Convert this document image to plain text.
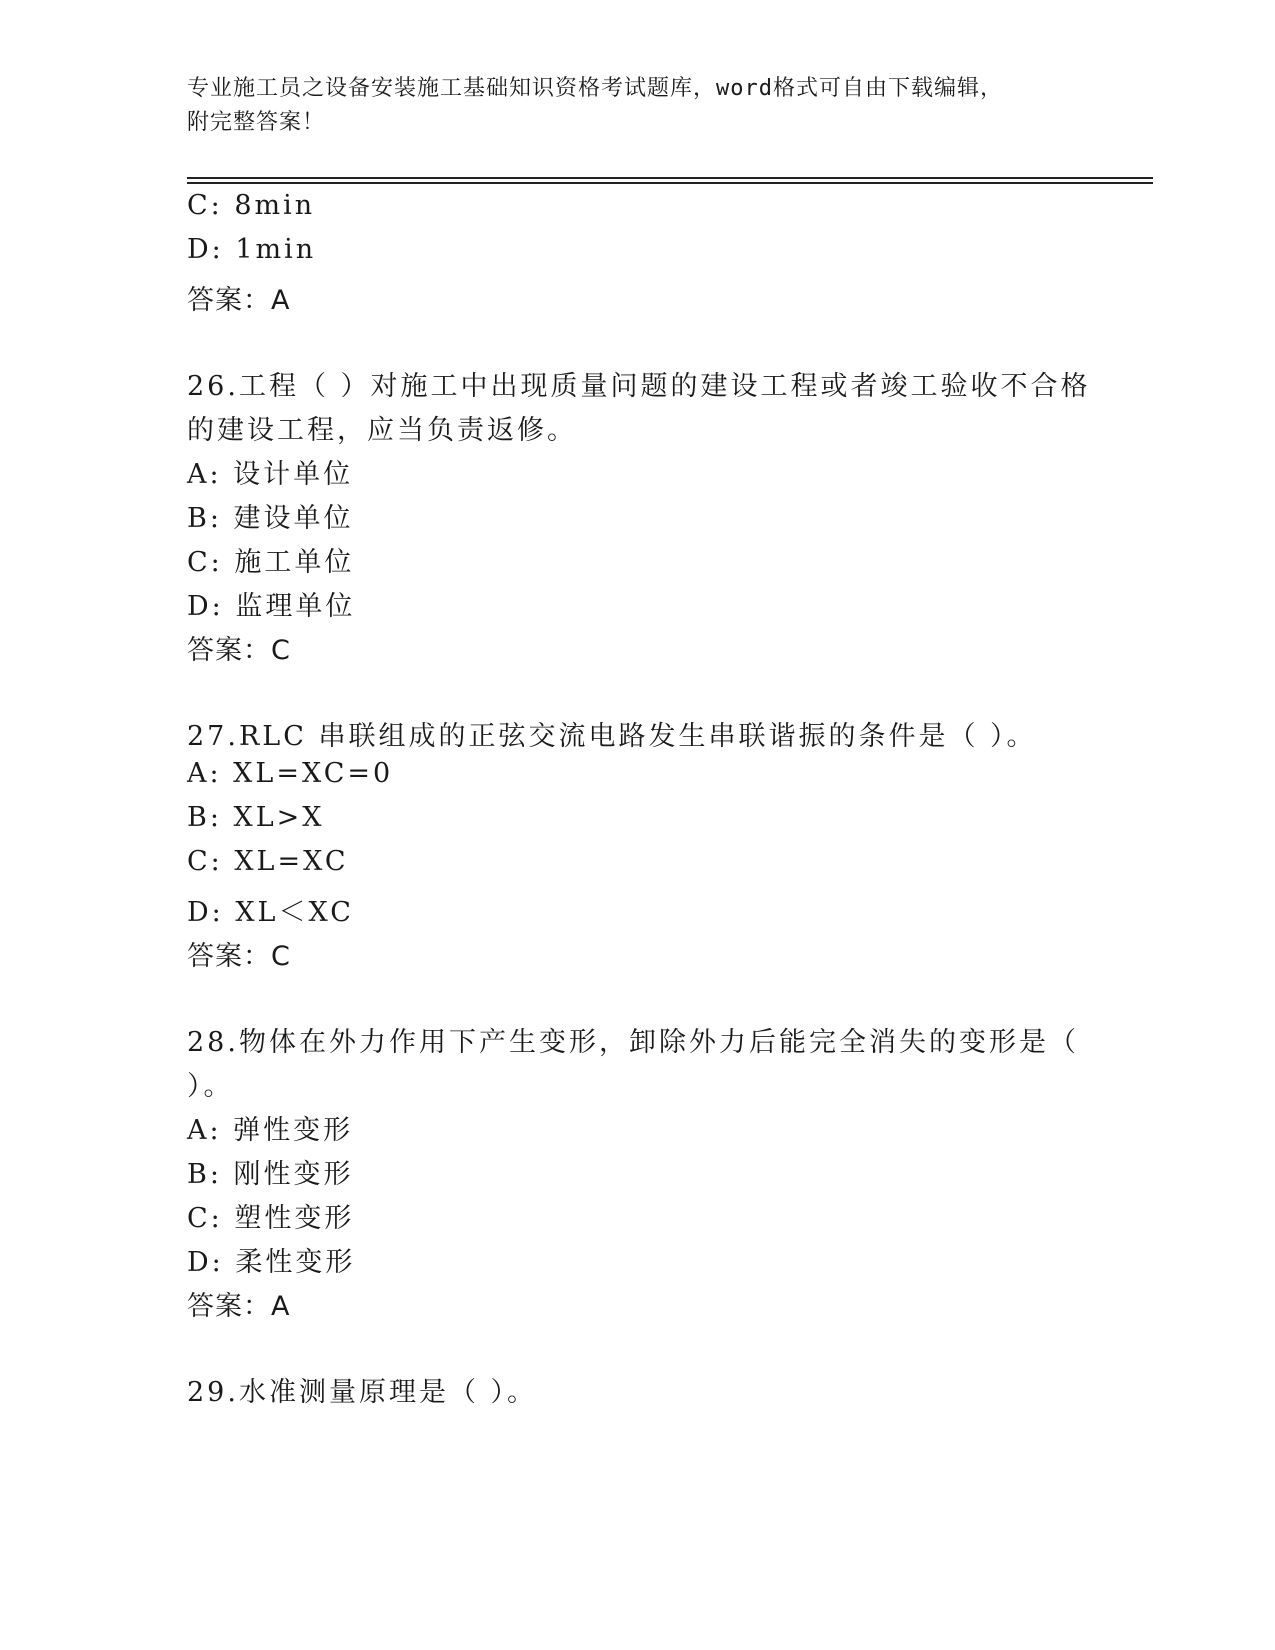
专业施工员之设备安装施工基础知识资格考试题库，word格式可自由下载编辑，
附完整答案！
C: 8min
D: 1min
答案：A
26.工程（ ）对施工中出现质量问题的建设工程或者竣工验收不合格
的建设工程，应当负责返修。
A: 设计单位
B: 建设单位
C: 施工单位
D: 监理单位
答案：C
27.RLC 串联组成的正弦交流电路发生串联谐振的条件是（ ）。
A: XL=XC=0
B: XL>X
C: XL=XC
D: XL＜XC
答案：C
28.物体在外力作用下产生变形，卸除外力后能完全消失的变形是（
）。
A: 弹性变形
B: 刚性变形
C: 塑性变形
D: 柔性变形
答案：A
29.水准测量原理是（ ）。
